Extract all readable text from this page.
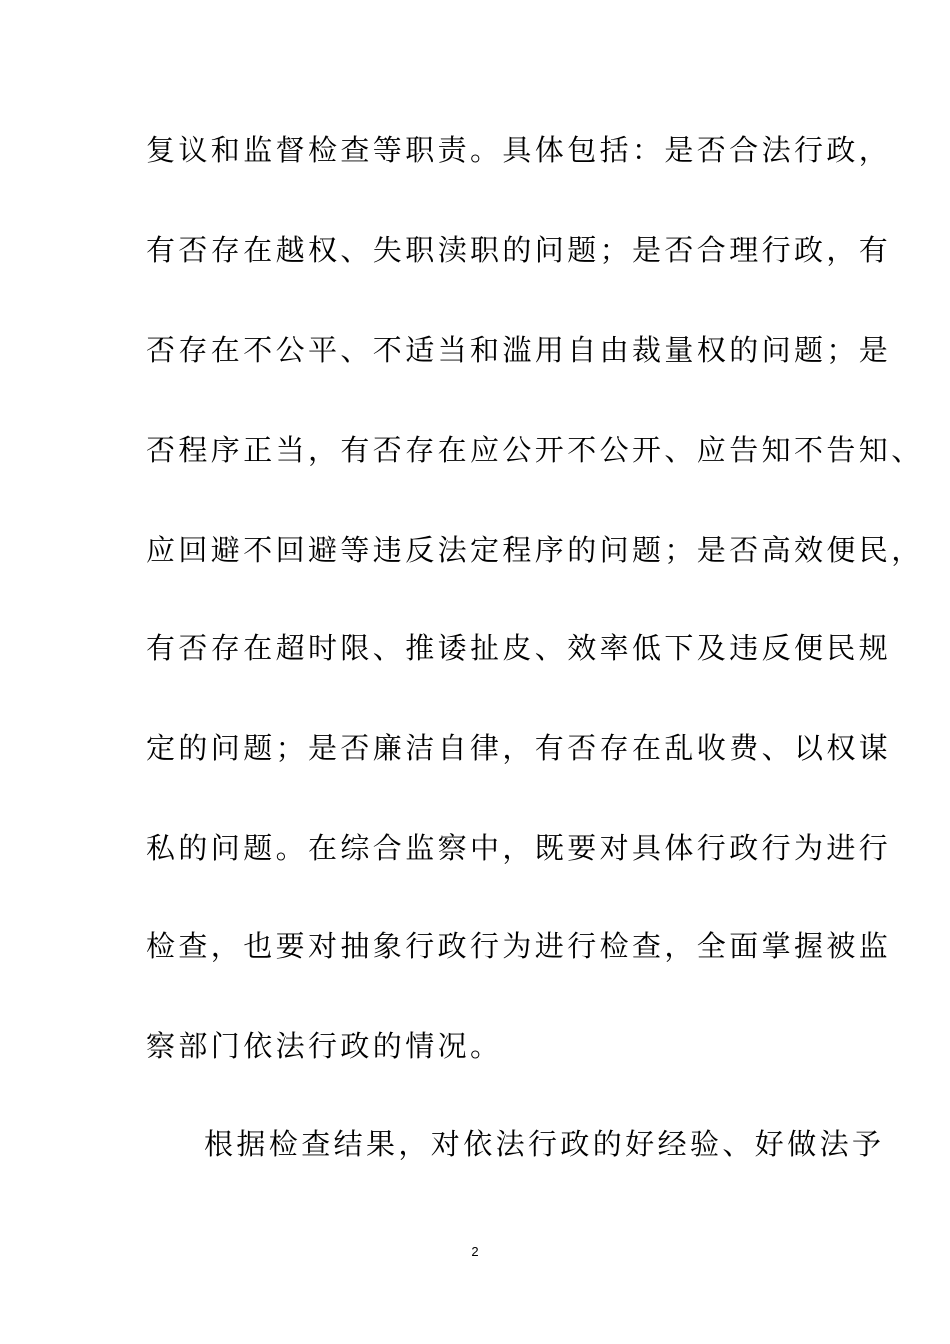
复议和监督检查等职责。具体包括：是否合法行政，
有否存在越权、失职渎职的问题；是否合理行政，有
否存在不公平、不适当和滥用自由裁量权的问题；是
否程序正当，有否存在应公开不公开、应告知不告知、
应回避不回避等违反法定程序的问题；是否高效便民，
有否存在超时限、推诿扯皮、效率低下及违反便民规
定的问题；是否廉洁自律，有否存在乱收费、以权谋
私的问题。在综合监察中，既要对具体行政行为进行
检查，也要对抽象行政行为进行检查，全面掌握被监
察部门依法行政的情况。
根据检查结果，对依法行政的好经验、好做法予
2
